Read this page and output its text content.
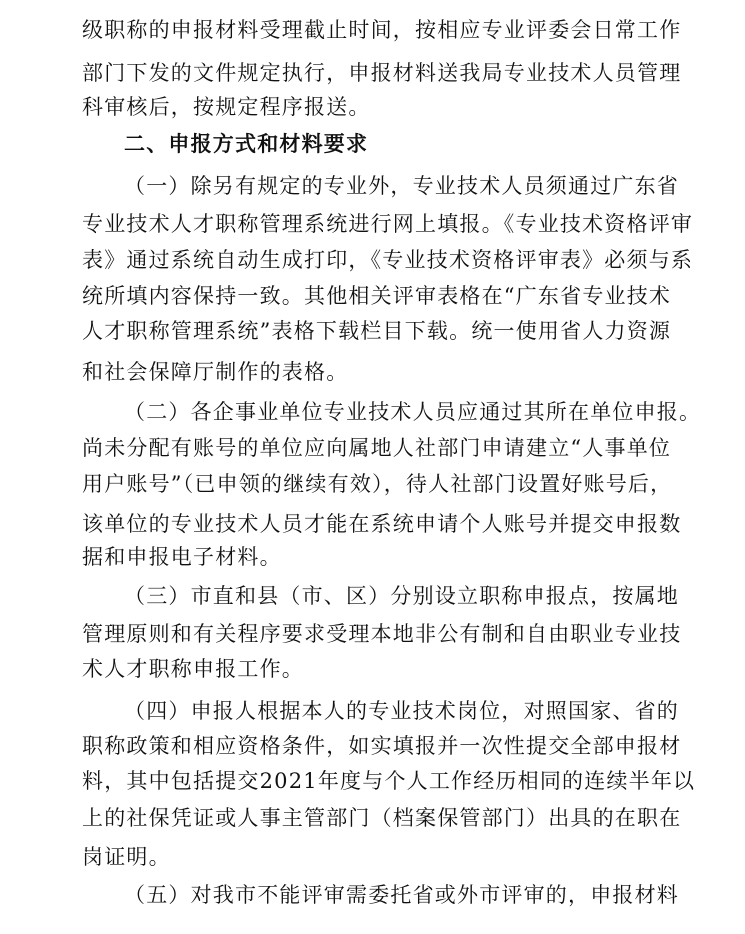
级职称的申报材料受理截止时间，按相应专业评委会日常工作
部门下发的文件规定执行，申报材料送我局专业技术人员管理
科审核后，按规定程序报送。
二、申报方式和材料要求
（一）除另有规定的专业外，专业技术人员须通过广东省
专业技术人才职称管理系统进行网上填报。《专业技术资格评审
表》通过系统自动生成打印，《专业技术资格评审表》必须与系
统所填内容保持一致。其他相关评审表格在“广东省专业技术
人才职称管理系统”表格下载栏目下载。统一使用省人力资源
和社会保障厅制作的表格。
（二）各企事业单位专业技术人员应通过其所在单位申报。
尚未分配有账号的单位应向属地人社部门申请建立“人事单位
用户账号”（已申领的继续有效），待人社部门设置好账号后，
该单位的专业技术人员才能在系统申请个人账号并提交申报数
据和申报电子材料。
（三）市直和县（市、区）分别设立职称申报点，按属地
管理原则和有关程序要求受理本地非公有制和自由职业专业技
术人才职称申报工作。
（四）申报人根据本人的专业技术岗位，对照国家、省的
职称政策和相应资格条件，如实填报并一次性提交全部申报材
料，其中包括提交2021年度与个人工作经历相同的连续半年以
上的社保凭证或人事主管部门（档案保管部门）出具的在职在
岗证明。
（五）对我市不能评审需委托省或外市评审的，申报材料
